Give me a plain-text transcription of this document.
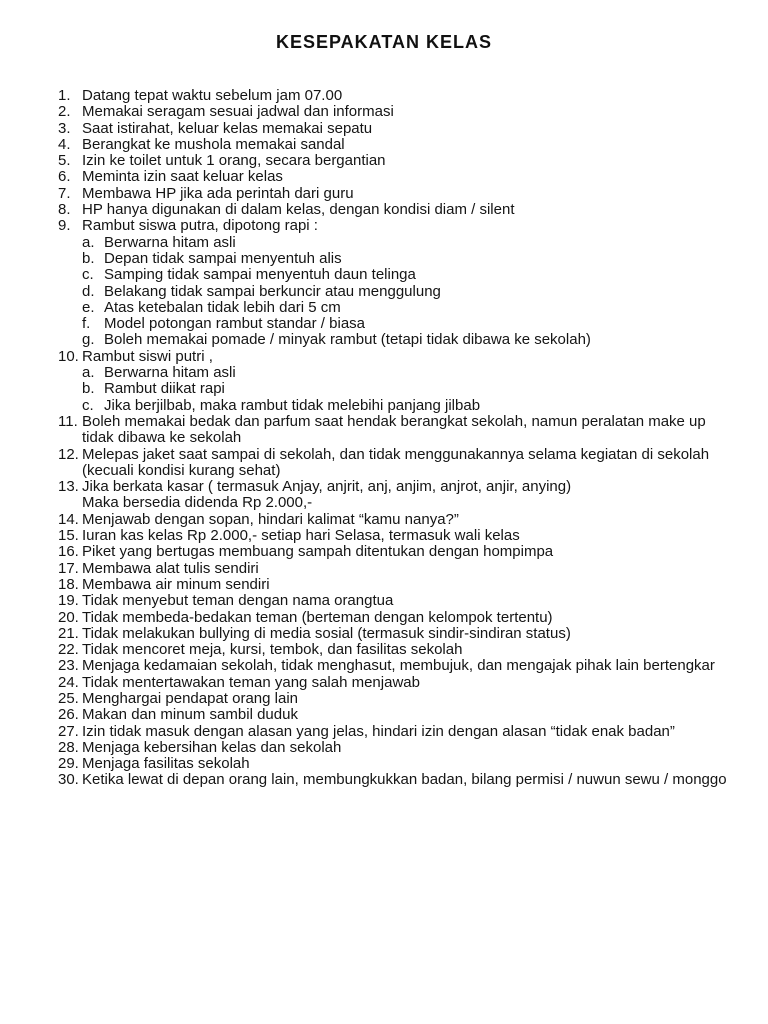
KESEPAKATAN KELAS
1. Datang tepat waktu sebelum jam 07.00
2. Memakai seragam sesuai jadwal dan informasi
3. Saat istirahat, keluar kelas memakai sepatu
4. Berangkat ke mushola memakai sandal
5. Izin ke toilet untuk 1 orang, secara bergantian
6. Meminta izin saat keluar kelas
7. Membawa HP jika ada perintah dari guru
8. HP hanya digunakan di dalam kelas, dengan kondisi diam / silent
9. Rambut siswa putra, dipotong rapi :
a. Berwarna hitam asli
b. Depan tidak sampai menyentuh alis
c. Samping tidak sampai menyentuh daun telinga
d. Belakang tidak sampai berkuncir atau menggulung
e. Atas ketebalan tidak lebih dari 5 cm
f. Model potongan rambut standar / biasa
g. Boleh memakai pomade / minyak rambut (tetapi tidak dibawa ke sekolah)
10. Rambut siswi putri ,
a. Berwarna hitam asli
b. Rambut diikat rapi
c. Jika berjilbab, maka rambut tidak melebihi panjang jilbab
11. Boleh memakai bedak dan parfum saat hendak berangkat sekolah, namun peralatan make up
tidak dibawa ke sekolah
12. Melepas jaket saat sampai di sekolah, dan tidak menggunakannya selama kegiatan di sekolah
(kecuali kondisi kurang sehat)
13. Jika berkata kasar ( termasuk Anjay, anjrit, anj, anjim, anjrot, anjir, anying)
Maka bersedia didenda Rp 2.000,-
14. Menjawab dengan sopan, hindari kalimat “kamu nanya?”
15. Iuran kas kelas Rp 2.000,- setiap hari Selasa, termasuk wali kelas
16. Piket yang bertugas membuang sampah ditentukan dengan hompimpa
17. Membawa alat tulis sendiri
18. Membawa air minum sendiri
19. Tidak menyebut teman dengan nama orangtua
20. Tidak membeda-bedakan teman (berteman dengan kelompok tertentu)
21. Tidak melakukan bullying di media sosial (termasuk sindir-sindiran status)
22. Tidak mencoret meja, kursi, tembok, dan fasilitas sekolah
23. Menjaga kedamaian sekolah, tidak menghasut, membujuk, dan mengajak pihak lain bertengkar
24. Tidak mentertawakan teman yang salah menjawab
25. Menghargai pendapat orang lain
26. Makan dan minum sambil duduk
27. Izin tidak masuk dengan alasan yang jelas, hindari izin dengan alasan “tidak enak badan”
28. Menjaga kebersihan kelas dan sekolah
29. Menjaga fasilitas sekolah
30. Ketika lewat di depan orang lain, membungkukkan badan, bilang permisi / nuwun sewu / monggo
